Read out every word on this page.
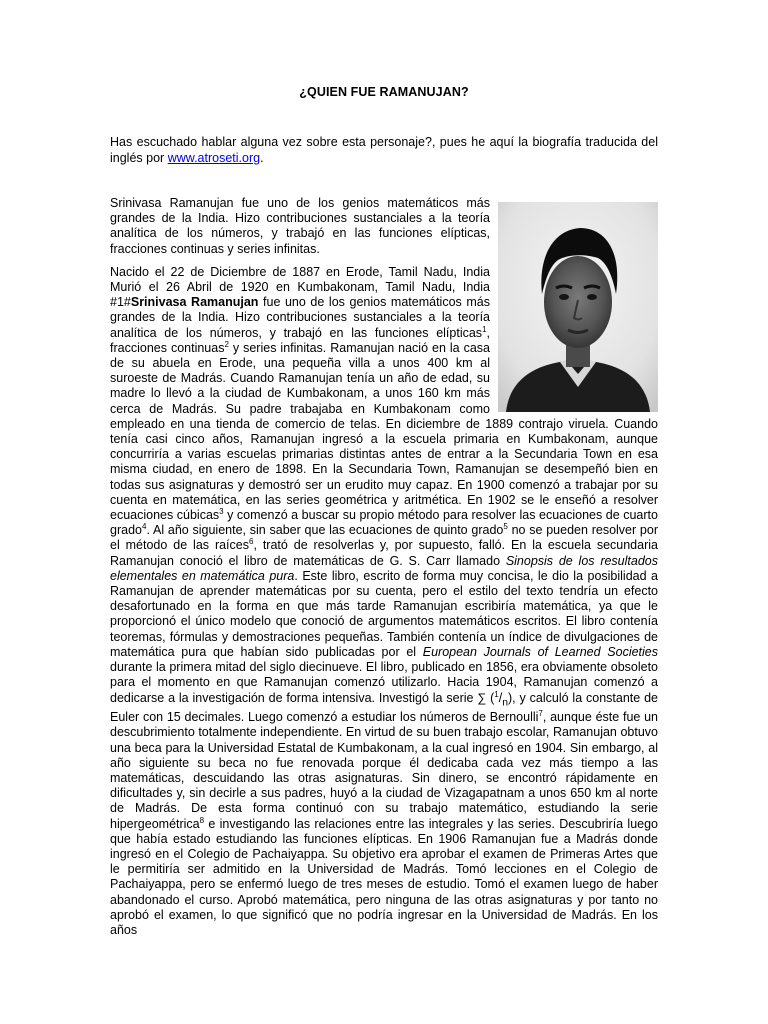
¿QUIEN FUE RAMANUJAN?
Has escuchado hablar alguna vez sobre esta personaje?, pues he aquí la biografía traducida del inglés por www.atroseti.org.

Srinivasa Ramanujan fue uno de los genios matemáticos más grandes de la India. Hizo contribuciones sustanciales a la teoría analítica de los números, y trabajó en las funciones elípticas, fracciones continuas y series infinitas.

Nacido el 22 de Diciembre de 1887 en Erode, Tamil Nadu, India Murió el 26 Abril de 1920 en Kumbakonam, Tamil Nadu, India #1#Srinivasa Ramanujan fue uno de los genios matemáticos más grandes de la India. Hizo contribuciones sustanciales a la teoría analítica de los números, y trabajó en las funciones elípticas$^1$, fracciones continuas$^2$ y series infinitas. Ramanujan nació en la casa de su abuela en Erode, una pequeña villa a unos 400 km al suroeste de Madrás. Cuando Ramanujan tenía un año de edad, su madre lo llevó a la ciudad de Kumbakonam, a unos 160 km más cerca de Madrás. Su padre trabajaba en Kumbakonam como empleado en una tienda de comercio de telas. En diciembre de 1889 contrajo viruela. Cuando tenía casi cinco años, Ramanujan ingresó a la escuela primaria en Kumbakonam, aunque concurriría a varias escuelas primarias distintas antes de entrar a la Secundaria Town en esa misma ciudad, en enero de 1898. En la Secundaria Town, Ramanujan se desempeñó bien en todas sus asignaturas y demostró ser un erudito muy capaz. En 1900 comenzó a trabajar por su cuenta en matemática, en las series geométrica y aritmética. En 1902 se le enseñó a resolver ecuaciones cúbicas$^3$ y comenzó a buscar su propio método para resolver las ecuaciones de cuarto grado$^4$. Al año siguiente, sin saber que las ecuaciones de quinto grado$^5$ no se pueden resolver por el método de las raíces$^6$, trató de resolverlas y, por supuesto, falló. En la escuela secundaria Ramanujan conoció el libro de matemáticas de G. S. Carr llamado Sinopsis de los resultados elementales en matemática pura. Este libro, escrito de forma muy concisa, le dio la posibilidad a Ramanujan de aprender matemáticas por su cuenta, pero el estilo del texto tendría un efecto desafortunado en la forma en que más tarde Ramanujan escribiría matemática, ya que le proporcionó el único modelo que conoció de argumentos matemáticos escritos. El libro contenía teoremas, fórmulas y demostraciones pequeñas. También contenía un índice de divulgaciones de matemática pura que habían sido publicadas por el European Journals of Learned Societies durante la primera mitad del siglo diecinueve. El libro, publicado en 1856, era obviamente obsoleto para el momento en que Ramanujan comenzó utilizarlo. Hacia 1904, Ramanujan comenzó a dedicarse a la investigación de forma intensiva. Investigó la serie ∑ $(^1/_n)$, y calculó la constante de Euler con 15 decimales. Luego comenzó a estudiar los números de Bernoulli$^7$, aunque éste fue un descubrimiento totalmente independiente. En virtud de su buen trabajo escolar, Ramanujan obtuvo una beca para la Universidad Estatal de Kumbakonam, a la cual ingresó en 1904. Sin embargo, al año siguiente su beca no fue renovada porque él dedicaba cada vez más tiempo a las matemáticas, descuidando las otras asignaturas. Sin dinero, se encontró rápidamente en dificultades y, sin decirle a sus padres, huyó a la ciudad de Vizagapatnam a unos 650 km al norte de Madrás. De esta forma continuó con su trabajo matemático, estudiando la serie hipergeométrica$^8$ e investigando las relaciones entre las integrales y las series. Descubriría luego que había estado estudiando las funciones elípticas. En 1906 Ramanujan fue a Madrás donde ingresó en el Colegio de Pachaiyappa. Su objetivo era aprobar el examen de Primeras Artes que le permitiría ser admitido en la Universidad de Madrás. Tomó lecciones en el Colegio de Pachaiyappa, pero se enfermó luego de tres meses de estudio. Tomó el examen luego de haber abandonado el curso. Aprobó matemática, pero ninguna de las otras asignaturas y por tanto no aprobó el examen, lo que significó que no podría ingresar en la Universidad de Madrás. En los años
